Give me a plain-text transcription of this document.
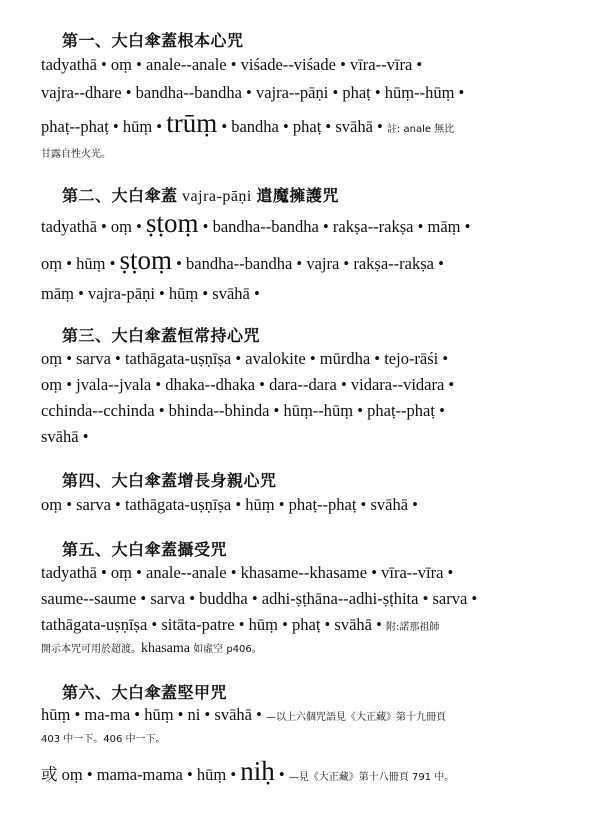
第一、大白傘蓋根本心咒
tadyathā • oṃ • anale--anale • viśade--viśade • vīra--vīra •
vajra--dhare • bandha--bandha • vajra--pāṇi • phaṭ • hūṃ--hūṃ •
phaṭ--phaṭ • hūṃ • trūṃ • bandha • phaṭ • svāhā • 註: anale 無比
甘露自性火光。
第二、大白傘蓋 vajra-pāṇi 遣魔擁護咒
tadyathā • oṃ • ṣṭoṃ • bandha--bandha • rakṣa--rakṣa • māṃ •
oṃ • hūṃ • ṣṭoṃ • bandha--bandha • vajra • rakṣa--rakṣa •
māṃ • vajra-pāṇi • hūṃ • svāhā •
第三、大白傘蓋恒常持心咒
oṃ • sarva • tathāgata-uṣṇīṣa • avalokite • mūrdha • tejo-rāśi •
oṃ • jvala--jvala • dhaka--dhaka • dara--dara • vidara--vidara •
cchinda--cchinda • bhinda--bhinda • hūṃ--hūṃ • phaṭ--phaṭ •
svāhā •
第四、大白傘蓋增長身親心咒
oṃ • sarva • tathāgata-uṣṇīṣa • hūṃ • phaṭ--phaṭ • svāhā •
第五、大白傘蓋攝受咒
tadyathā • oṃ • anale--anale • khasame--khasame • vīra--vīra •
saume--saume • sarva • buddha • adhi-ṣṭhāna--adhi-ṣṭhita • sarva •
tathāgata-uṣṇīṣa • sitāta-patre • hūṃ • phaṭ • svāhā • 附:諾那祖師
開示本咒可用於超渡。khasama 如虛空 p406。
第六、大白傘蓋堅甲咒
hūṃ • ma-ma • hūṃ • ni • svāhā • —以上六個咒語見《大正藏》第十九冊頁
403 中一下。406 中一下。
或 oṃ • mama-mama • hūṃ • niḥ • —見《大正藏》第十八冊頁 791 中。
